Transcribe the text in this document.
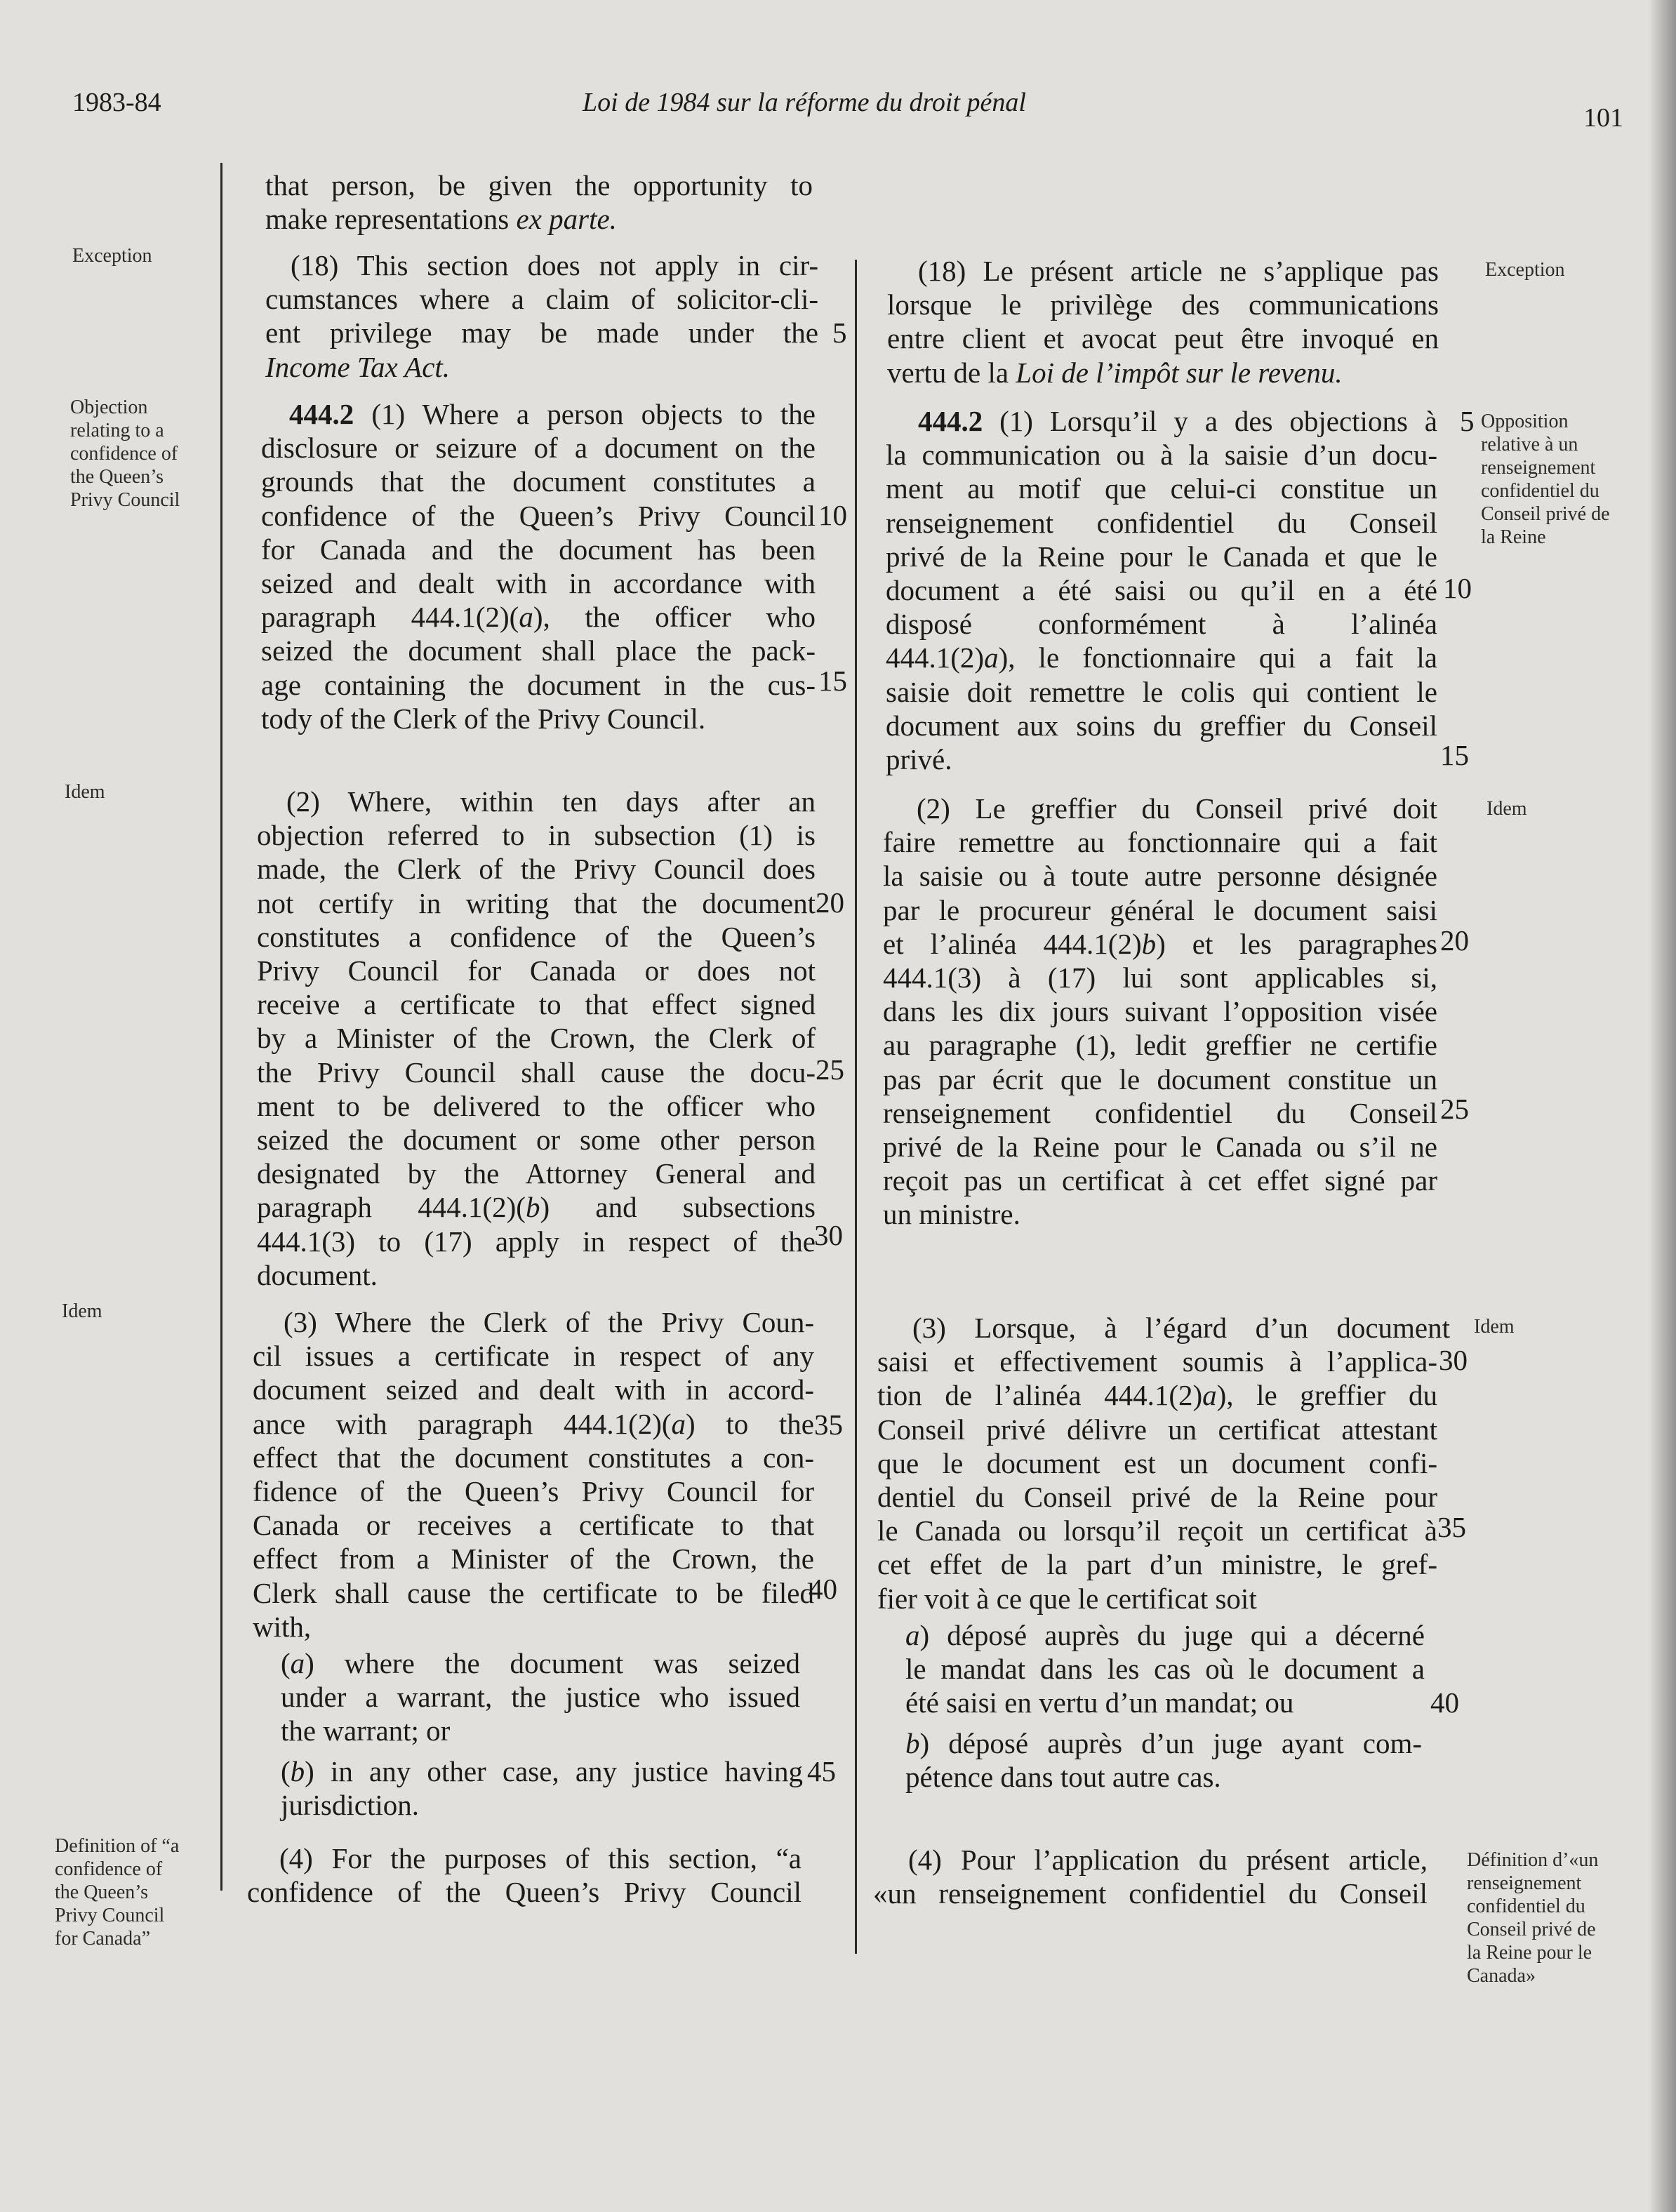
1983-84	Loi de 1984 sur la réforme du droit pénal
101
Exception
Objection
relating to a
confidence of
the Queen’s
Privy Council
Idem
Idem
Definition of “a
confidence of
the Queen’s
Privy Council
for Canada”
Exception
Opposition
relative à un
renseignement
confidentiel du
Conseil privé de
la Reine
Idem
Idem
Définition d’«un
renseignement
confidentiel du
Conseil privé de
la Reine pour le
Canada»
that person, be given the opportunity to
make representations ex parte.
(18) This section does not apply in cir-
cumstances where a claim of solicitor-cli-
ent privilege may be made under the
Income Tax Act.
444.2 (1) Where a person objects to the
disclosure or seizure of a document on the
grounds that the document constitutes a
confidence of the Queen’s Privy Council
for Canada and the document has been
seized and dealt with in accordance with
paragraph 444.1(2)(a), the officer who
seized the document shall place the pack-
age containing the document in the cus-
tody of the Clerk of the Privy Council.
(2) Where, within ten days after an
objection referred to in subsection (1) is
made, the Clerk of the Privy Council does
not certify in writing that the document
constitutes a confidence of the Queen’s
Privy Council for Canada or does not
receive a certificate to that effect signed
by a Minister of the Crown, the Clerk of
the Privy Council shall cause the docu-
ment to be delivered to the officer who
seized the document or some other person
designated by the Attorney General and
paragraph 444.1(2)(b) and subsections
444.1(3) to (17) apply in respect of the
document.
(3) Where the Clerk of the Privy Coun-
cil issues a certificate in respect of any
document seized and dealt with in accord-
ance with paragraph 444.1(2)(a) to the
effect that the document constitutes a con-
fidence of the Queen’s Privy Council for
Canada or receives a certificate to that
effect from a Minister of the Crown, the
Clerk shall cause the certificate to be filed
with,
(a) where the document was seized
under a warrant, the justice who issued
the warrant; or
(b) in any other case, any justice having
jurisdiction.
(4) For the purposes of this section, “a
confidence of the Queen’s Privy Council
5
10
15
20
25
30
35
40
45
(18) Le présent article ne s’applique pas
lorsque le privilège des communications
entre client et avocat peut être invoqué en
vertu de la Loi de l’impôt sur le revenu.
444.2 (1) Lorsqu’il y a des objections à
la communication ou à la saisie d’un docu-
ment au motif que celui-ci constitue un
renseignement confidentiel du Conseil
privé de la Reine pour le Canada et que le
document a été saisi ou qu’il en a été
disposé conformément à l’alinéa
444.1(2)a), le fonctionnaire qui a fait la
saisie doit remettre le colis qui contient le
document aux soins du greffier du Conseil
privé.
(2) Le greffier du Conseil privé doit
faire remettre au fonctionnaire qui a fait
la saisie ou à toute autre personne désignée
par le procureur général le document saisi
et l’alinéa 444.1(2)b) et les paragraphes
444.1(3) à (17) lui sont applicables si,
dans les dix jours suivant l’opposition visée
au paragraphe (1), ledit greffier ne certifie
pas par écrit que le document constitue un
renseignement confidentiel du Conseil
privé de la Reine pour le Canada ou s’il ne
reçoit pas un certificat à cet effet signé par
un ministre.
(3) Lorsque, à l’égard d’un document
saisi et effectivement soumis à l’applica-
tion de l’alinéa 444.1(2)a), le greffier du
Conseil privé délivre un certificat attestant
que le document est un document confi-
dentiel du Conseil privé de la Reine pour
le Canada ou lorsqu’il reçoit un certificat à
cet effet de la part d’un ministre, le gref-
fier voit à ce que le certificat soit
a) déposé auprès du juge qui a décerné
le mandat dans les cas où le document a
été saisi en vertu d’un mandat; ou
b) déposé auprès d’un juge ayant com-
pétence dans tout autre cas.
(4) Pour l’application du présent article,
«un renseignement confidentiel du Conseil
5
10
15
20
25
30
35
40
